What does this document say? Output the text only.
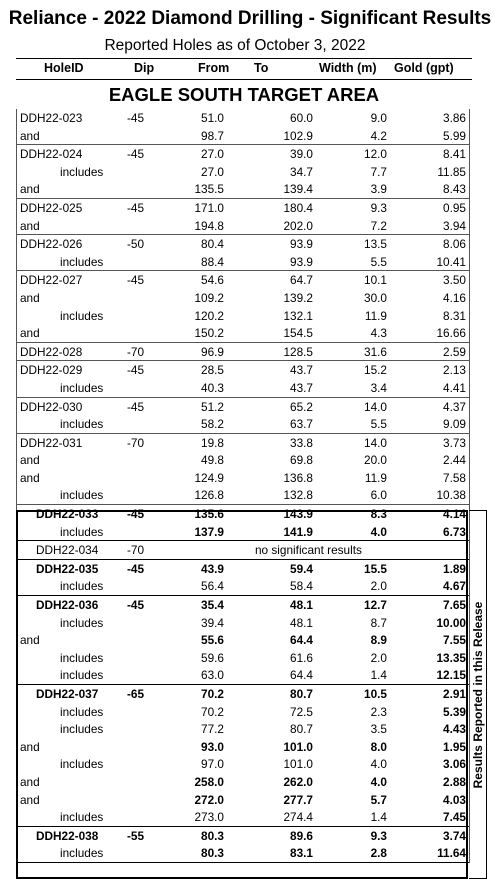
Reliance - 2022 Diamond Drilling - Significant Results
Reported Holes as of October 3, 2022
HoleID	Dip	From To	Width (m) Gold (gpt)
EAGLE SOUTH TARGET AREA
DDH22-023	-45	51.0	60.0	9.0	3.86
and	98.7	102.9	4.2	5.99
DDH22-024	-45	27.0	39.0	12.0	8.41
includes	27.0	34.7	7.7	11.85
and	135.5	139.4	3.9	8.43
DDH22-025	-45	171.0	180.4	9.3	0.95
and	194.8	202.0	7.2	3.94
DDH22-026	-50	80.4	93.9	13.5	8.06
includes	88.4	93.9	5.5	10.41
DDH22-027	-45	54.6	64.7	10.1	3.50
and	109.2	139.2	30.0	4.16
includes	120.2	132.1	11.9	8.31
and	150.2	154.5	4.3	16.66
DDH22-028	-70	96.9	128.5	31.6	2.59
DDH22-029	-45	28.5	43.7	15.2	2.13
includes	40.3	43.7	3.4	4.41
DDH22-030	-45	51.2	65.2	14.0	4.37
includes	58.2	63.7	5.5	9.09
DDH22-031	-70	19.8	33.8	14.0	3.73
and	49.8	69.8	20.0	2.44
and	124.9	136.8	11.9	7.58
includes	126.8	132.8	6.0	10.38
DDH22-033 -45	135.6	143.9	8.3	4.14
includes	137.9	141.9	4.0	6.73
DDH22-034 -70	no significant results
DDH22-035 -45	43.9	59.4	15.5	1.89
includes	56.4	58.4	2.0	4.67
DDH22-036 -45	35.4	48.1	12.7	7.65
includes	39.4	48.1	8.7	10.00
and	55.6	64.4	8.9	7.55
includes	59.6	61.6	2.0	13.35
includes	63.0	64.4	1.4	12.15
DDH22-037 -65	70.2	80.7	10.5	2.91
includes	70.2	72.5	2.3	5.39
includes	77.2	80.7	3.5	4.43
and	93.0	101.0	8.0	1.95
includes	97.0	101.0	4.0	3.06
and	258.0	262.0	4.0	2.88
and	272.0	277.7	5.7	4.03
includes	273.0	274.4	1.4	7.45
DDH22-038 -55	80.3	89.6	9.3	3.74
includes	80.3	83.1	2.8	11.64
Results Reported in this Release
